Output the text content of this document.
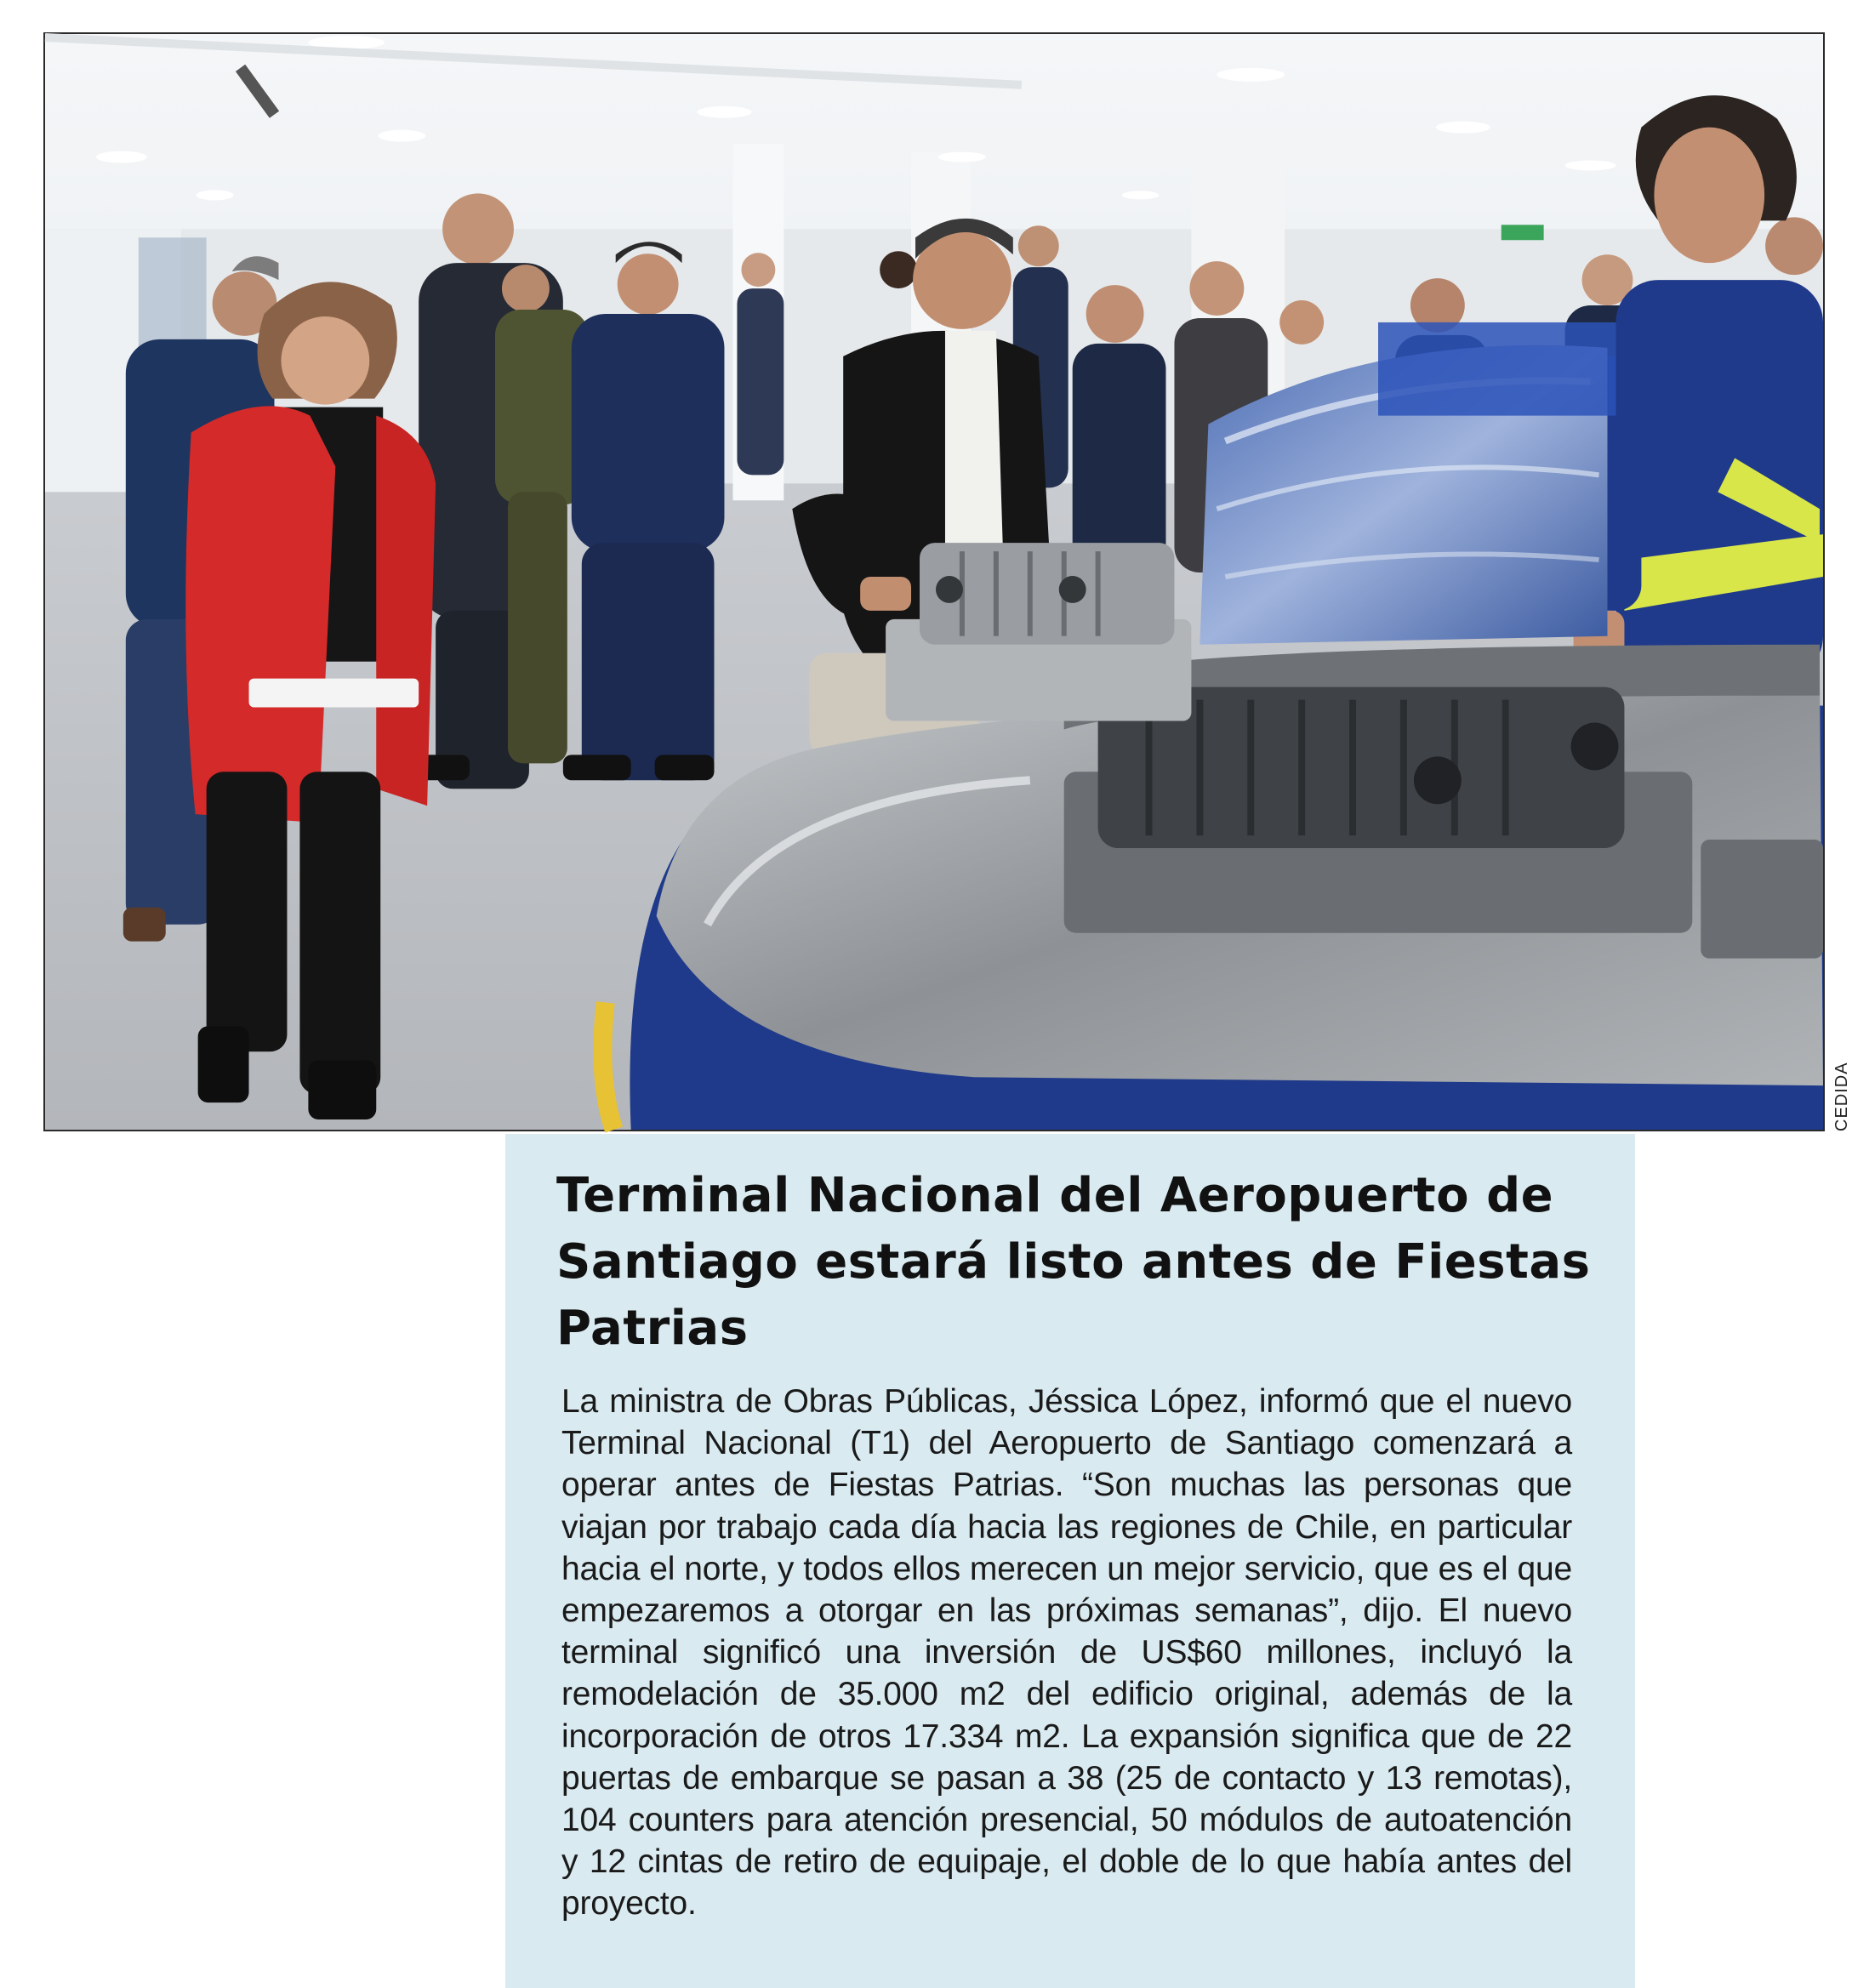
CEDIDA
Terminal Nacional del Aeropuerto de Santiago estará listo antes de Fiestas Patrias

La ministra de Obras Públicas, Jéssica López, informó que el nuevo Terminal Nacional (T1) del Aeropuerto de Santiago comenzará a operar antes de Fiestas Patrias. “Son muchas las personas que viajan por trabajo cada día hacia las regiones de Chile, en particular hacia el norte, y todos ellos merecen un mejor servicio, que es el que empezaremos a otorgar en las próximas semanas”, dijo. El nuevo terminal significó una inversión de US$60 millones, incluyó la remodelación de 35.000 m2 del edificio original, además de la incorporación de otros 17.334 m2. La expansión significa que de 22 puertas de embarque se pasan a 38 (25 de contacto y 13 remotas), 104 counters para atención presencial, 50 módulos de autoatención y 12 cintas de retiro de equipaje, el doble de lo que había antes del proyecto.
